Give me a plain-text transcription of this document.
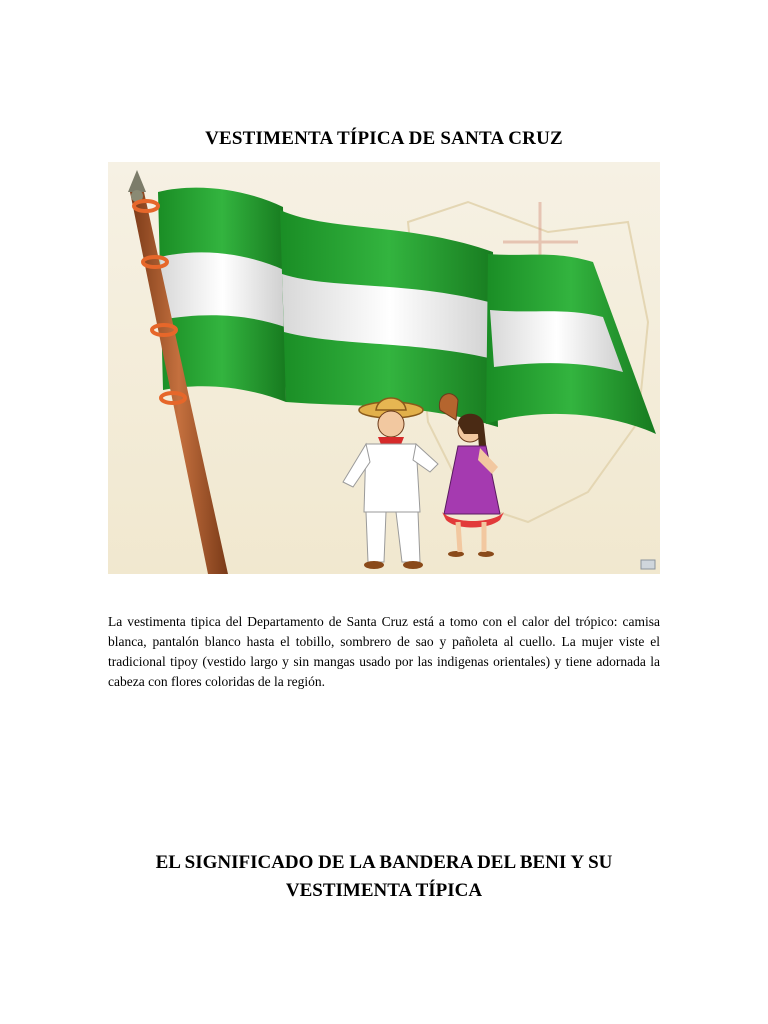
VESTIMENTA TÍPICA DE SANTA CRUZ

La vestimenta tipica del Departamento de Santa Cruz está a tomo con el calor del trópico: camisa blanca, pantalón blanco hasta el tobillo, sombrero de sao y pañoleta al cuello. La mujer viste el tradicional tipoy (vestido largo y sin mangas usado por las indigenas orientales) y tiene adornada la cabeza con flores coloridas de la región.

EL SIGNIFICADO DE LA BANDERA DEL BENI Y SU
VESTIMENTA TÍPICA
